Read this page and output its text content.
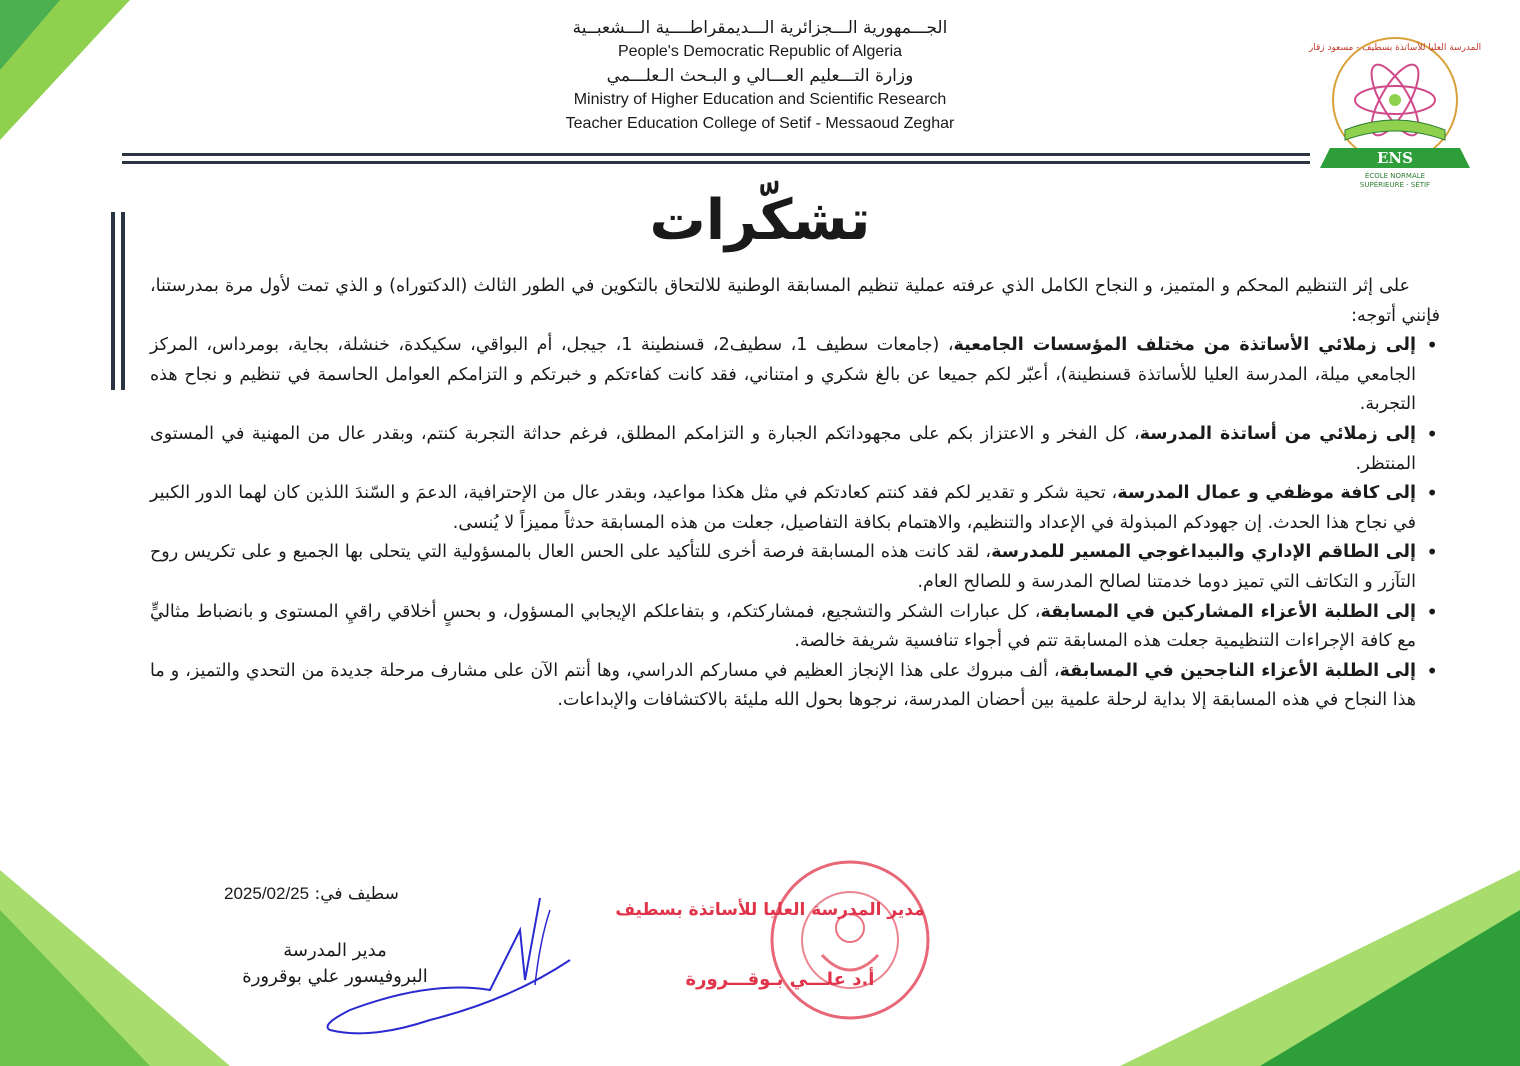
الجـــمهورية الـــجزائرية الـــديمقراطــــية الـــشعبــية
People's Democratic Republic of Algeria
وزارة التـــعليم العـــالي و البـحث الـعلـــمي
Ministry of Higher Education and Scientific Research
Teacher Education College of Setif - Messaoud Zeghar
المدرسة العليا للأساتذة بسطيف - مسعود زقار
ENS
ÉCOLE NORMALE
SUPÉRIEURE - SÉTIF
تشكّرات

على إثر التنظيم المحكم و المتميز، و النجاح الكامل الذي عرفته عملية تنظيم المسابقة الوطنية للالتحاق بالتكوين في الطور الثالث (الدكتوراه) و الذي تمت لأول مرة بمدرستنا، فإنني أتوجه:

• إلى زملائي الأساتذة من مختلف المؤسسات الجامعية، (جامعات سطيف 1، سطيف2، قسنطينة 1، جيجل، أم البواقي، سكيكدة، خنشلة، بجاية، بومرداس، المركز الجامعي ميلة، المدرسة العليا للأساتذة قسنطينة)، أعبّر لكم جميعا عن بالغ شكري و امتناني، فقد كانت كفاءتكم و خبرتكم و التزامكم العوامل الحاسمة في تنظيم و نجاح هذه التجربة.
• إلى زملائي من أساتذة المدرسة، كل الفخر و الاعتزاز بكم على مجهوداتكم الجبارة و التزامكم المطلق، فرغم حداثة التجربة كنتم، وبقدر عال من المهنية في المستوى المنتظر.
• إلى كافة موظفي و عمال المدرسة، تحية شكر و تقدير لكم فقد كنتم كعادتكم في مثل هكذا مواعيد، وبقدر عال من الإحترافية، الدعمَ و السّندَ اللذين كان لهما الدور الكبير في نجاح هذا الحدث. إن جهودكم المبذولة في الإعداد والتنظيم، والاهتمام بكافة التفاصيل، جعلت من هذه المسابقة حدثاً مميزاً لا يُنسى.
• إلى الطاقم الإداري والبيداغوجي المسير للمدرسة، لقد كانت هذه المسابقة فرصة أخرى للتأكيد على الحس العال بالمسؤولية التي يتحلى بها الجميع و على تكريس روح التآزر و التكاتف التي تميز دوما خدمتنا لصالح المدرسة و للصالح العام.
• إلى الطلبة الأعزاء المشاركين في المسابقة، كل عبارات الشكر والتشجيع، فمشاركتكم، و بتفاعلكم الإيجابي المسؤول، و بحسٍ أخلاقي راقيِ المستوى و بانضباط مثاليٍّ مع كافة الإجراءات التنظيمية جعلت هذه المسابقة تتم في أجواء تنافسية شريفة خالصة.
• إلى الطلبة الأعزاء الناجحين في المسابقة، ألف مبروك على هذا الإنجاز العظيم في مساركم الدراسي، وها أنتم الآن على مشارف مرحلة جديدة من التحدي والتميز، و ما هذا النجاح في هذه المسابقة إلا بداية لرحلة علمية بين أحضان المدرسة، نرجوها بحول الله مليئة بالاكتشافات والإبداعات.
سطيف في: 2025/02/25
مدير المدرسة
البروفيسور علي بوقرورة
مدير المدرسة العليا للأساتذة بسطيف
أ.د علـــي بـوقـــرورة
